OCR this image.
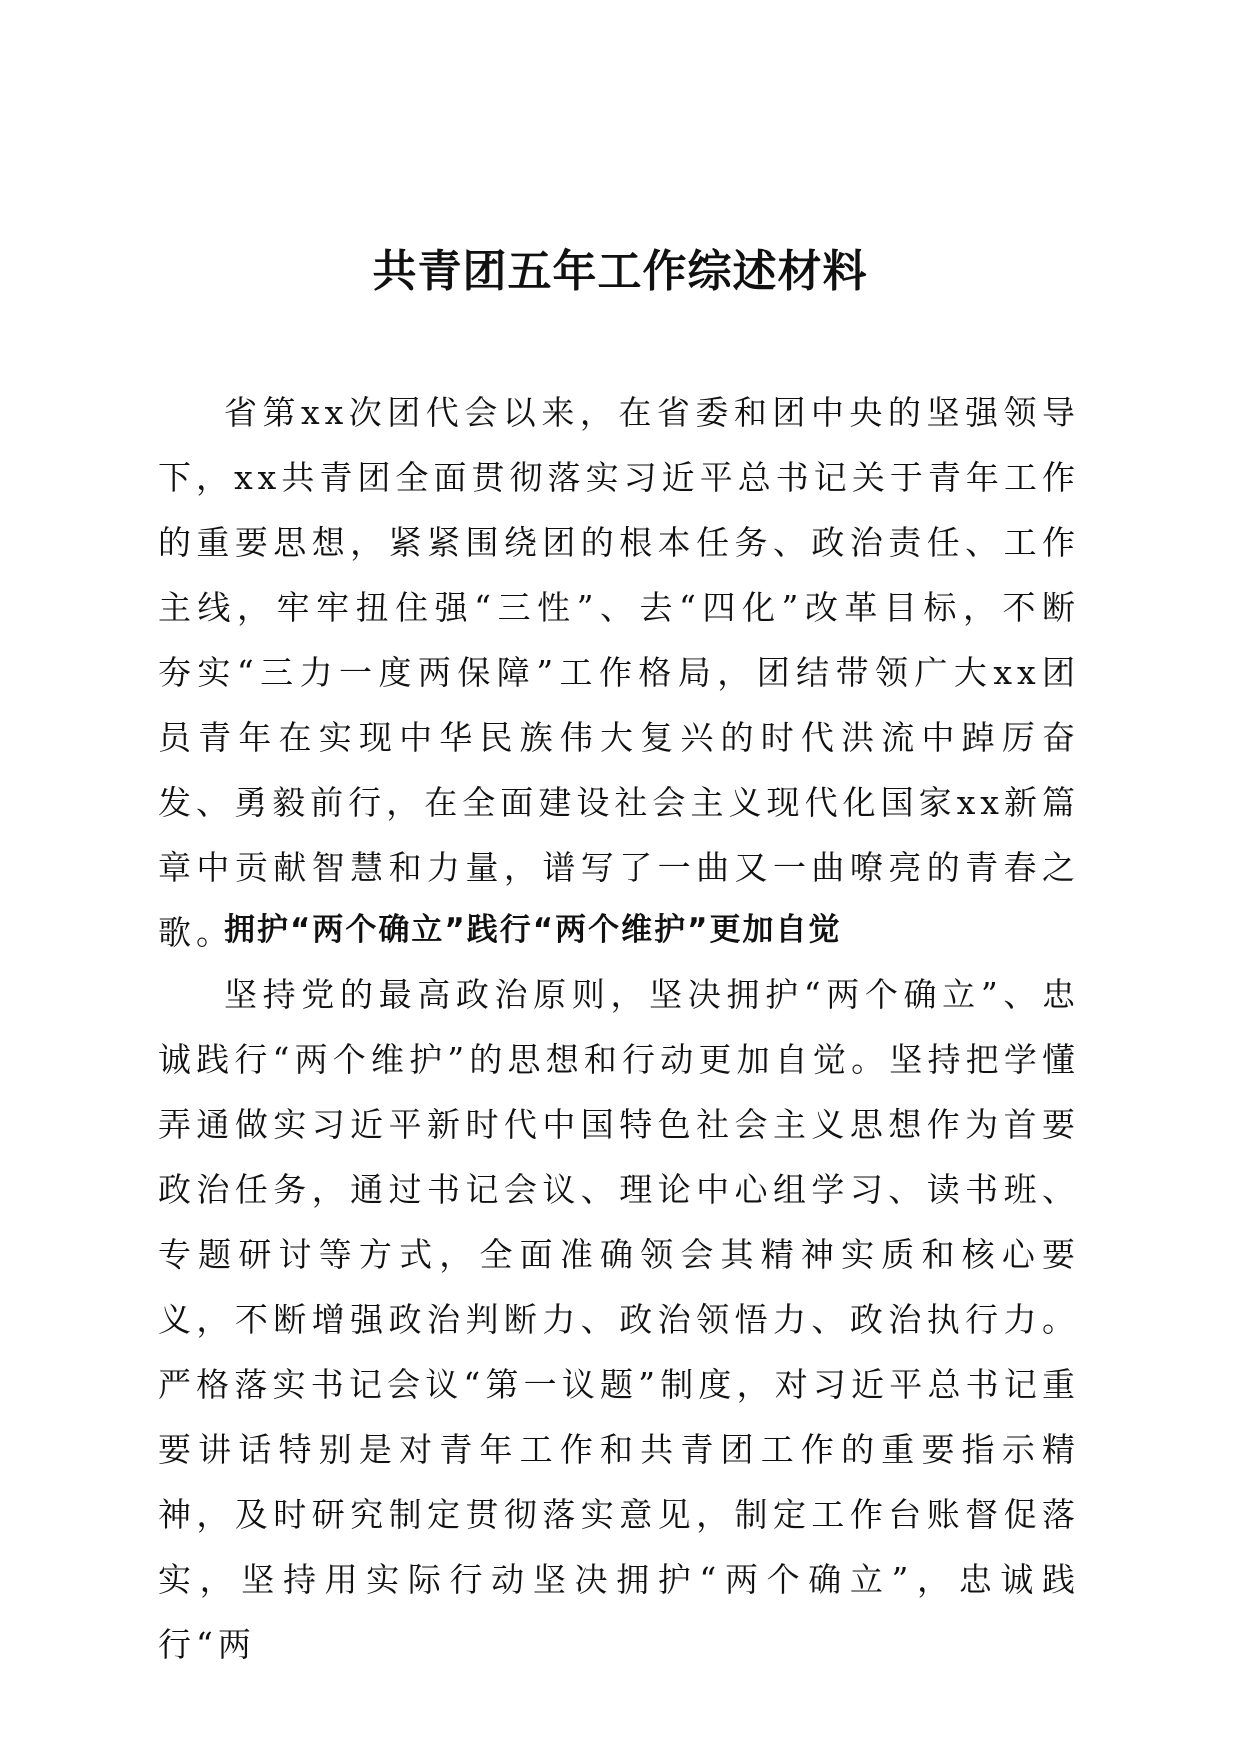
共青团五年工作综述材料

省第xx次团代会以来，在省委和团中央的坚强领导下，xx共青团全面贯彻落实习近平总书记关于青年工作的重要思想，紧紧围绕团的根本任务、政治责任、工作主线，牢牢扭住强“三性”、去“四化”改革目标，不断夯实“三力一度两保障”工作格局，团结带领广大xx团员青年在实现中华民族伟大复兴的时代洪流中踔厉奋发、勇毅前行，在全面建设社会主义现代化国家xx新篇章中贡献智慧和力量，谱写了一曲又一曲嘹亮的青春之歌。

拥护“两个确立”践行“两个维护”更加自觉

坚持党的最高政治原则，坚决拥护“两个确立”、忠诚践行“两个维护”的思想和行动更加自觉。坚持把学懂弄通做实习近平新时代中国特色社会主义思想作为首要政治任务，通过书记会议、理论中心组学习、读书班、专题研讨等方式，全面准确领会其精神实质和核心要义，不断增强政治判断力、政治领悟力、政治执行力。严格落实书记会议“第一议题”制度，对习近平总书记重要讲话特别是对青年工作和共青团工作的重要指示精神，及时研究制定贯彻落实意见，制定工作台账督促落实，坚持用实际行动坚决拥护“两个确立”，忠诚践行“两
